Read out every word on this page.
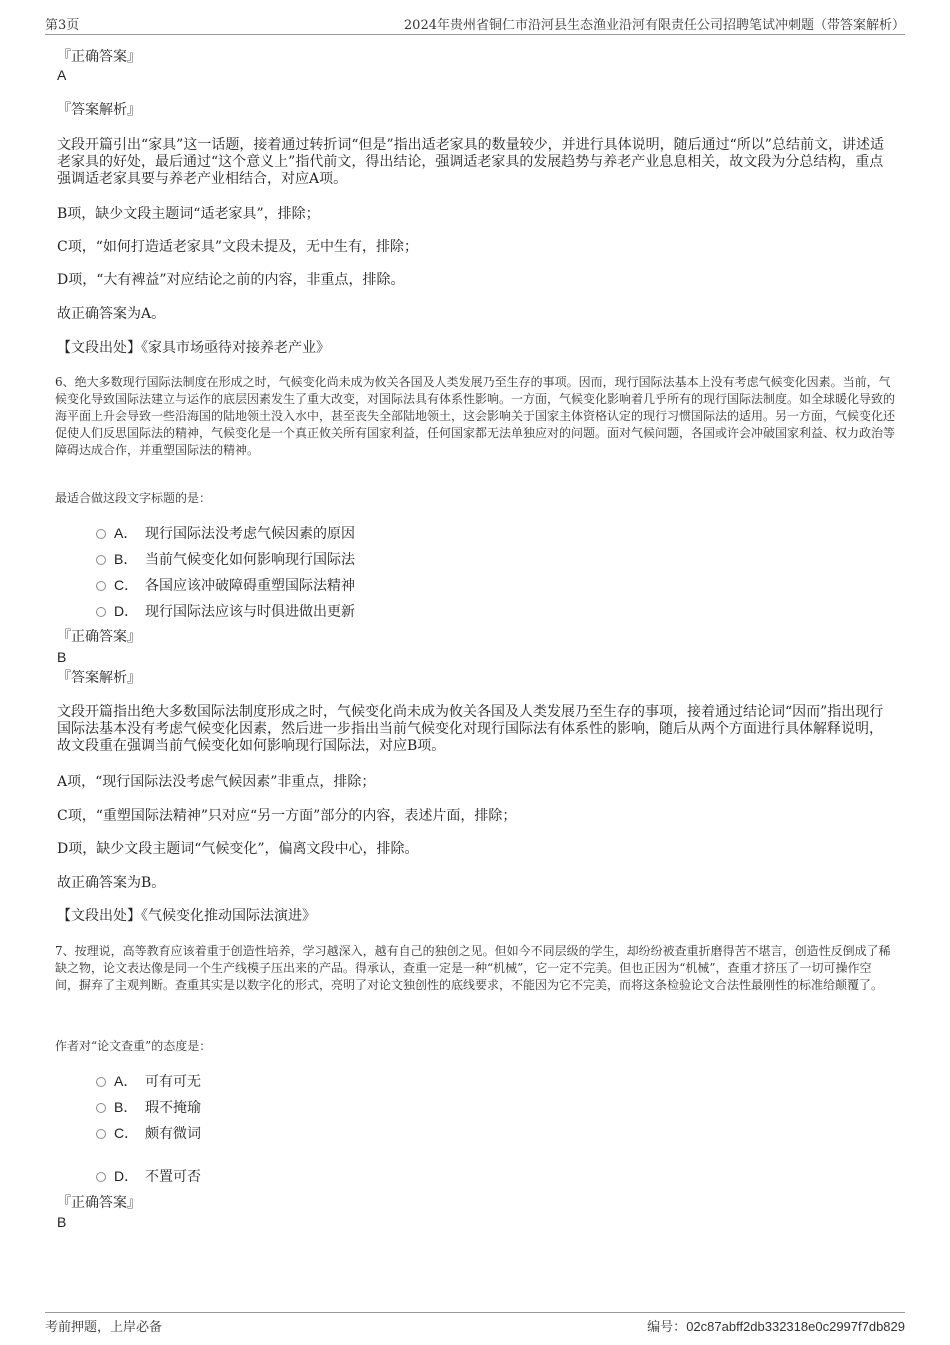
第3页	2024年贵州省铜仁市沿河县生态渔业沿河有限责任公司招聘笔试冲刺题（带答案解析）
『正确答案』
A
『答案解析』
文段开篇引出“家具”这一话题，接着通过转折词“但是”指出适老家具的数量较少，并进行具体说明，随后通过“所以”总结前文，讲述适老家具的好处，最后通过“这个意义上”指代前文，得出结论，强调适老家具的发展趋势与养老产业息息相关，故文段为分总结构，重点强调适老家具要与养老产业相结合，对应A项。
B项，缺少文段主题词“适老家具”，排除；
C项，“如何打造适老家具”文段未提及，无中生有，排除；
D项，“大有裨益”对应结论之前的内容，非重点，排除。
故正确答案为A。
【文段出处】《家具市场亟待对接养老产业》
6、绝大多数现行国际法制度在形成之时，气候变化尚未成为攸关各国及人类发展乃至生存的事项。因而，现行国际法基本上没有考虑气候变化因素。当前，气候变化导致国际法建立与运作的底层因素发生了重大改变，对国际法具有体系性影响。一方面，气候变化影响着几乎所有的现行国际法制度。如全球暖化导致的海平面上升会导致一些沿海国的陆地领土没入水中，甚至丧失全部陆地领土，这会影响关于国家主体资格认定的现行习惯国际法的适用。另一方面，气候变化还促使人们反思国际法的精神，气候变化是一个真正攸关所有国家利益，任何国家都无法单独应对的问题。面对气候问题，各国或许会冲破国家利益、权力政治等障碍达成合作，并重塑国际法的精神。
最适合做这段文字标题的是：
A． 现行国际法没考虑气候因素的原因
B． 当前气候变化如何影响现行国际法
C． 各国应该冲破障碍重塑国际法精神
D． 现行国际法应该与时俱进做出更新
『正确答案』
B
『答案解析』
文段开篇指出绝大多数国际法制度形成之时，气候变化尚未成为攸关各国及人类发展乃至生存的事项，接着通过结论词“因而”指出现行国际法基本没有考虑气候变化因素，然后进一步指出当前气候变化对现行国际法有体系性的影响，随后从两个方面进行具体解释说明，故文段重在强调当前气候变化如何影响现行国际法，对应B项。
A项，“现行国际法没考虑气候因素”非重点，排除；
C项，“重塑国际法精神”只对应“另一方面”部分的内容，表述片面，排除；
D项，缺少文段主题词“气候变化”，偏离文段中心，排除。
故正确答案为B。
【文段出处】《气候变化推动国际法演进》
7、按理说，高等教育应该着重于创造性培养，学习越深入，越有自己的独创之见。但如今不同层级的学生，却纷纷被查重折磨得苦不堪言，创造性反倒成了稀缺之物，论文表达像是同一个生产线模子压出来的产品。得承认，查重一定是一种“机械”，它一定不完美。但也正因为“机械”，查重才挤压了一切可操作空间，摒弃了主观判断。查重其实是以数字化的形式，亮明了对论文独创性的底线要求，不能因为它不完美，而将这条检验论文合法性最刚性的标准给颠覆了。
作者对“论文查重”的态度是：
A． 可有可无
B． 瑕不掩瑜
C． 颇有微词
D． 不置可否
『正确答案』
B
考前押题，上岸必备	编号：02c87abff2db332318e0c2997f7db829
